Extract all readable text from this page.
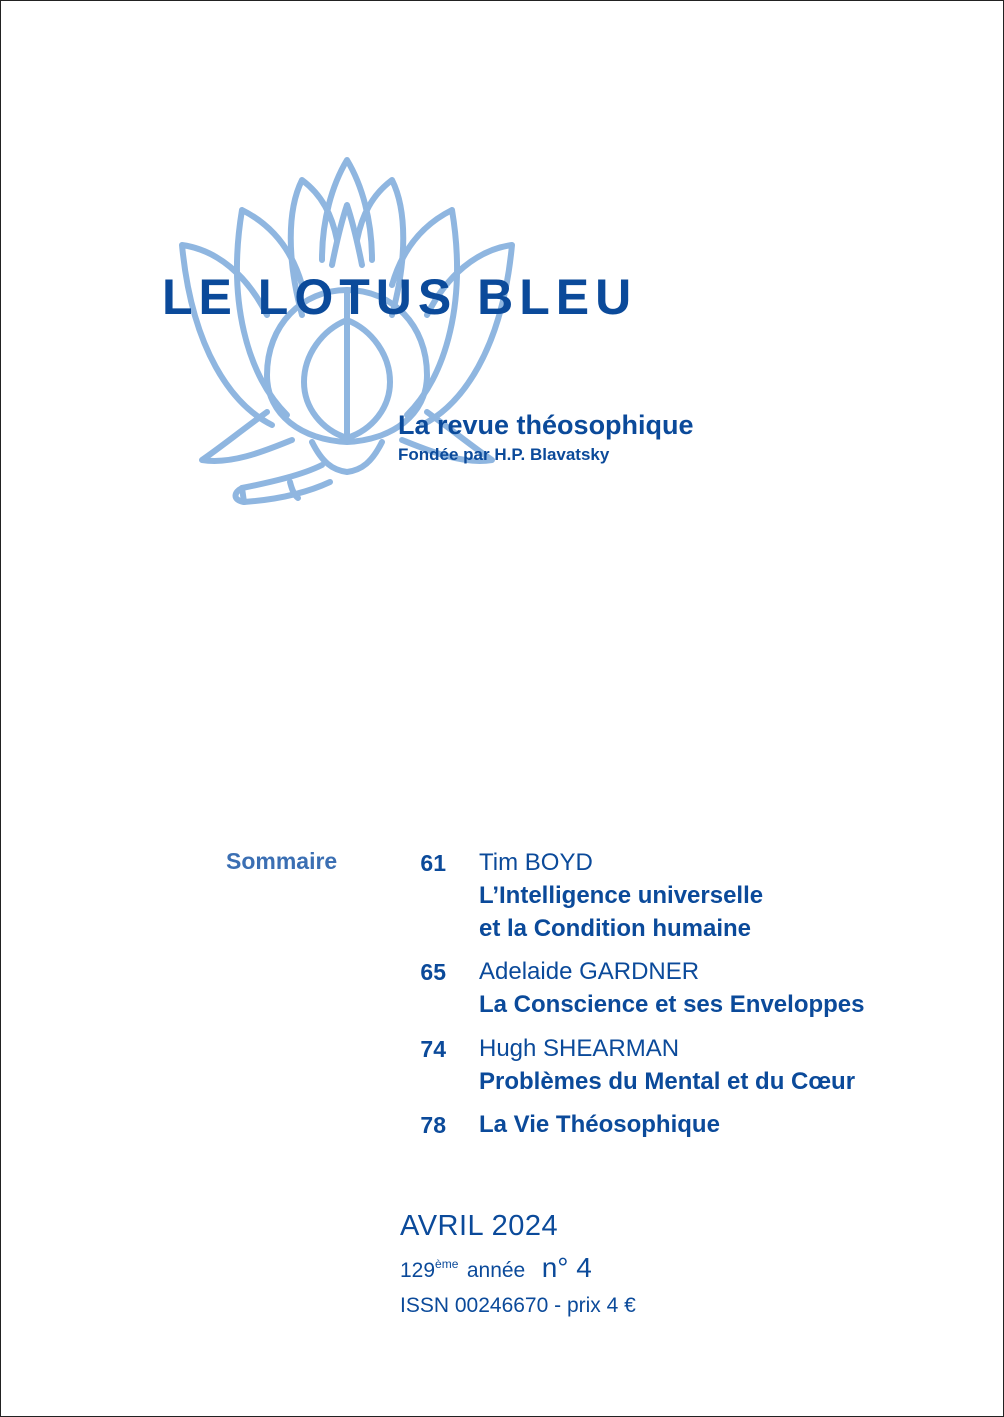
LE LOTUS BLEU
La revue théosophique
Fondée par H.P. Blavatsky
Sommaire	61 Tim BOYD
L’Intelligence universelle
et la Condition humaine
65 Adelaide GARDNER
La Conscience et ses Enveloppes
74 Hugh SHEARMAN
Problèmes du Mental et du Cœur
78 La Vie Théosophique
AVRIL 2024
129ème année n° 4
ISSN 00246670 - prix 4 €
